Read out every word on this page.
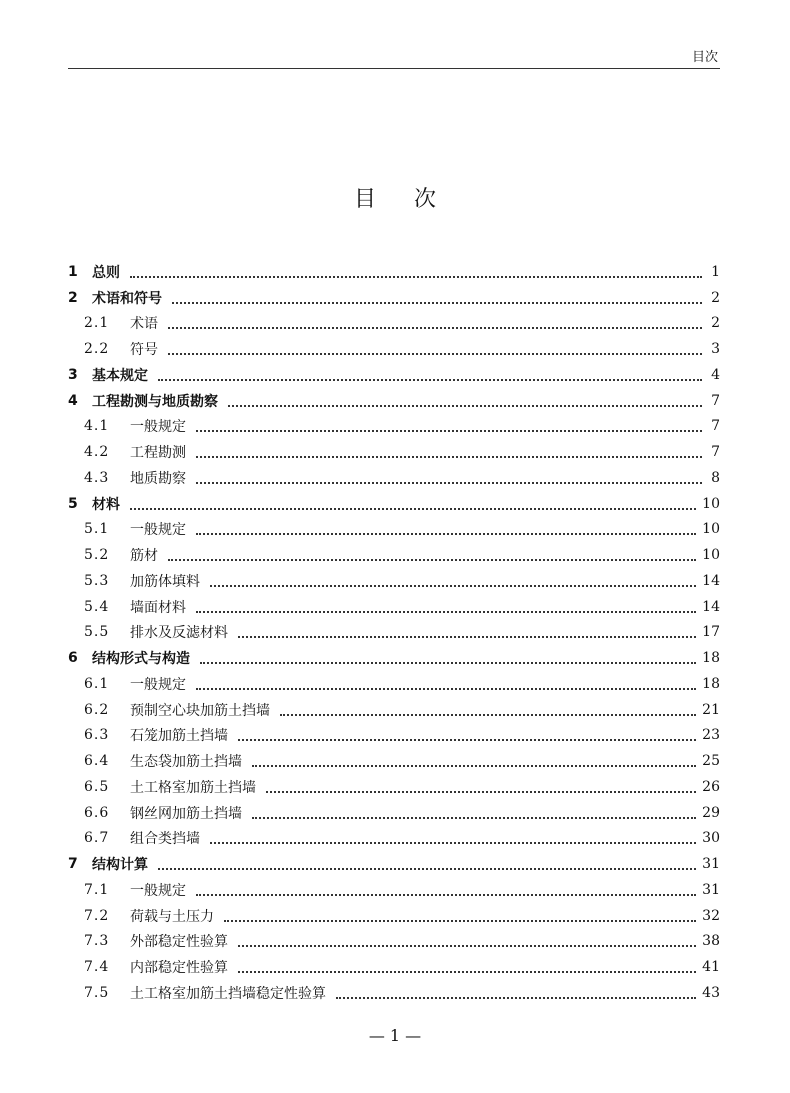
目次
目次
1	总则	1
2	术语和符号	2
2.1	术语	2
2.2	符号	3
3	基本规定	4
4	工程勘测与地质勘察	7
4.1	一般规定	7
4.2	工程勘测	7
4.3	地质勘察	8
5	材料	10
5.1	一般规定	10
5.2	筋材	10
5.3	加筋体填料	14
5.4	墙面材料	14
5.5	排水及反滤材料	17
6	结构形式与构造	18
6.1	一般规定	18
6.2	预制空心块加筋土挡墙	21
6.3	石笼加筋土挡墙	23
6.4	生态袋加筋土挡墙	25
6.5	土工格室加筋土挡墙	26
6.6	钢丝网加筋土挡墙	29
6.7	组合类挡墙	30
7	结构计算	31
7.1	一般规定	31
7.2	荷载与土压力	32
7.3	外部稳定性验算	38
7.4	内部稳定性验算	41
7.5	土工格室加筋土挡墙稳定性验算	43
— 1 —
